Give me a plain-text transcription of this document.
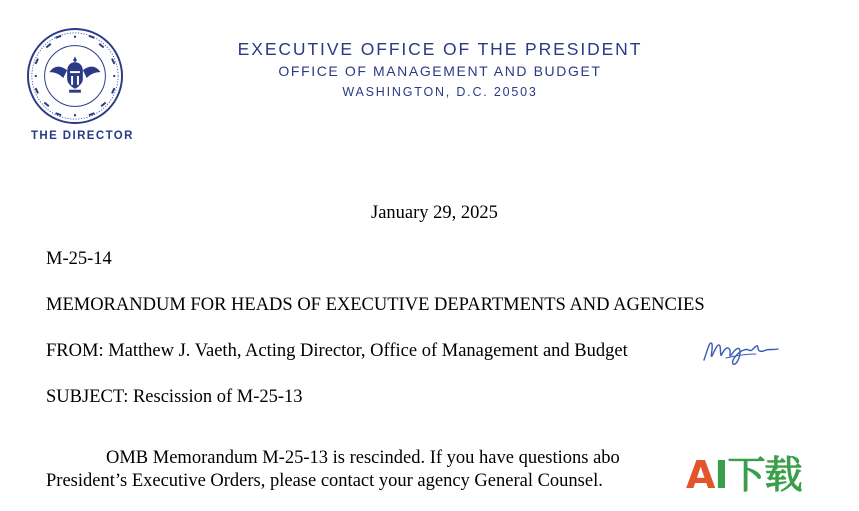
THE DIRECTOR
EXECUTIVE OFFICE OF THE PRESIDENT
OFFICE OF MANAGEMENT AND BUDGET
WASHINGTON, D.C. 20503
January 29, 2025
M-25-14
MEMORANDUM FOR HEADS OF EXECUTIVE DEPARTMENTS AND AGENCIES
FROM: Matthew J. Vaeth, Acting Director, Office of Management and Budget
SUBJECT: Rescission of M-25-13
OMB Memorandum M-25-13 is rescinded. If you have questions abo
President’s Executive Orders, please contact your agency General Counsel. AI下载
